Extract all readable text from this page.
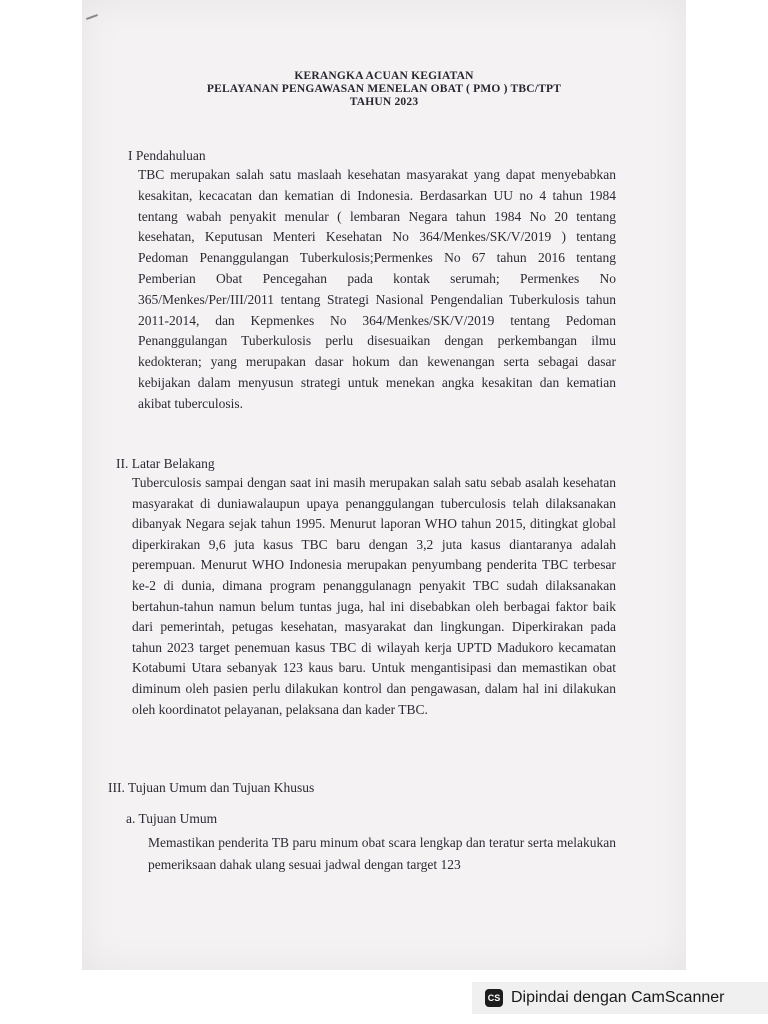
KERANGKA ACUAN KEGIATAN
PELAYANAN PENGAWASAN MENELAN OBAT ( PMO ) TBC/TPT
TAHUN 2023
I Pendahuluan
TBC merupakan salah satu maslaah kesehatan masyarakat yang dapat menyebabkan kesakitan, kecacatan dan kematian di Indonesia. Berdasarkan UU no 4 tahun 1984 tentang wabah penyakit menular ( lembaran Negara tahun 1984 No 20 tentang kesehatan, Keputusan Menteri Kesehatan No 364/Menkes/SK/V/2019 ) tentang Pedoman Penanggulangan Tuberkulosis;Permenkes No 67 tahun 2016 tentang Pemberian Obat Pencegahan pada kontak serumah; Permenkes No 365/Menkes/Per/III/2011 tentang Strategi Nasional Pengendalian Tuberkulosis tahun 2011-2014, dan Kepmenkes No 364/Menkes/SK/V/2019 tentang Pedoman Penanggulangan Tuberkulosis perlu disesuaikan dengan perkembangan ilmu kedokteran; yang merupakan dasar hokum dan kewenangan serta sebagai dasar kebijakan dalam menyusun strategi untuk menekan angka kesakitan dan kematian akibat tuberculosis.
II. Latar Belakang
Tuberculosis sampai dengan saat ini masih merupakan salah satu sebab asalah kesehatan masyarakat di duniawalaupun upaya penanggulangan tuberculosis telah dilaksanakan dibanyak Negara sejak tahun 1995. Menurut laporan WHO tahun 2015, ditingkat global diperkirakan 9,6 juta kasus TBC baru dengan 3,2 juta kasus diantaranya adalah perempuan. Menurut WHO Indonesia merupakan penyumbang penderita TBC terbesar ke-2 di dunia, dimana program penanggulanagn penyakit TBC sudah dilaksanakan bertahun-tahun namun belum tuntas juga, hal ini disebabkan oleh berbagai faktor baik dari pemerintah, petugas kesehatan, masyarakat dan lingkungan. Diperkirakan pada tahun 2023 target penemuan kasus TBC di wilayah kerja UPTD Madukoro kecamatan Kotabumi Utara sebanyak 123 kaus baru. Untuk mengantisipasi dan memastikan obat diminum oleh pasien perlu dilakukan kontrol dan pengawasan, dalam hal ini dilakukan oleh koordinatot pelayanan, pelaksana dan kader TBC.
III. Tujuan Umum dan Tujuan Khusus
a. Tujuan Umum
Memastikan penderita TB paru minum obat scara lengkap dan teratur serta melakukan pemeriksaan dahak ulang sesuai jadwal dengan target 123
CS Dipindai dengan CamScanner
